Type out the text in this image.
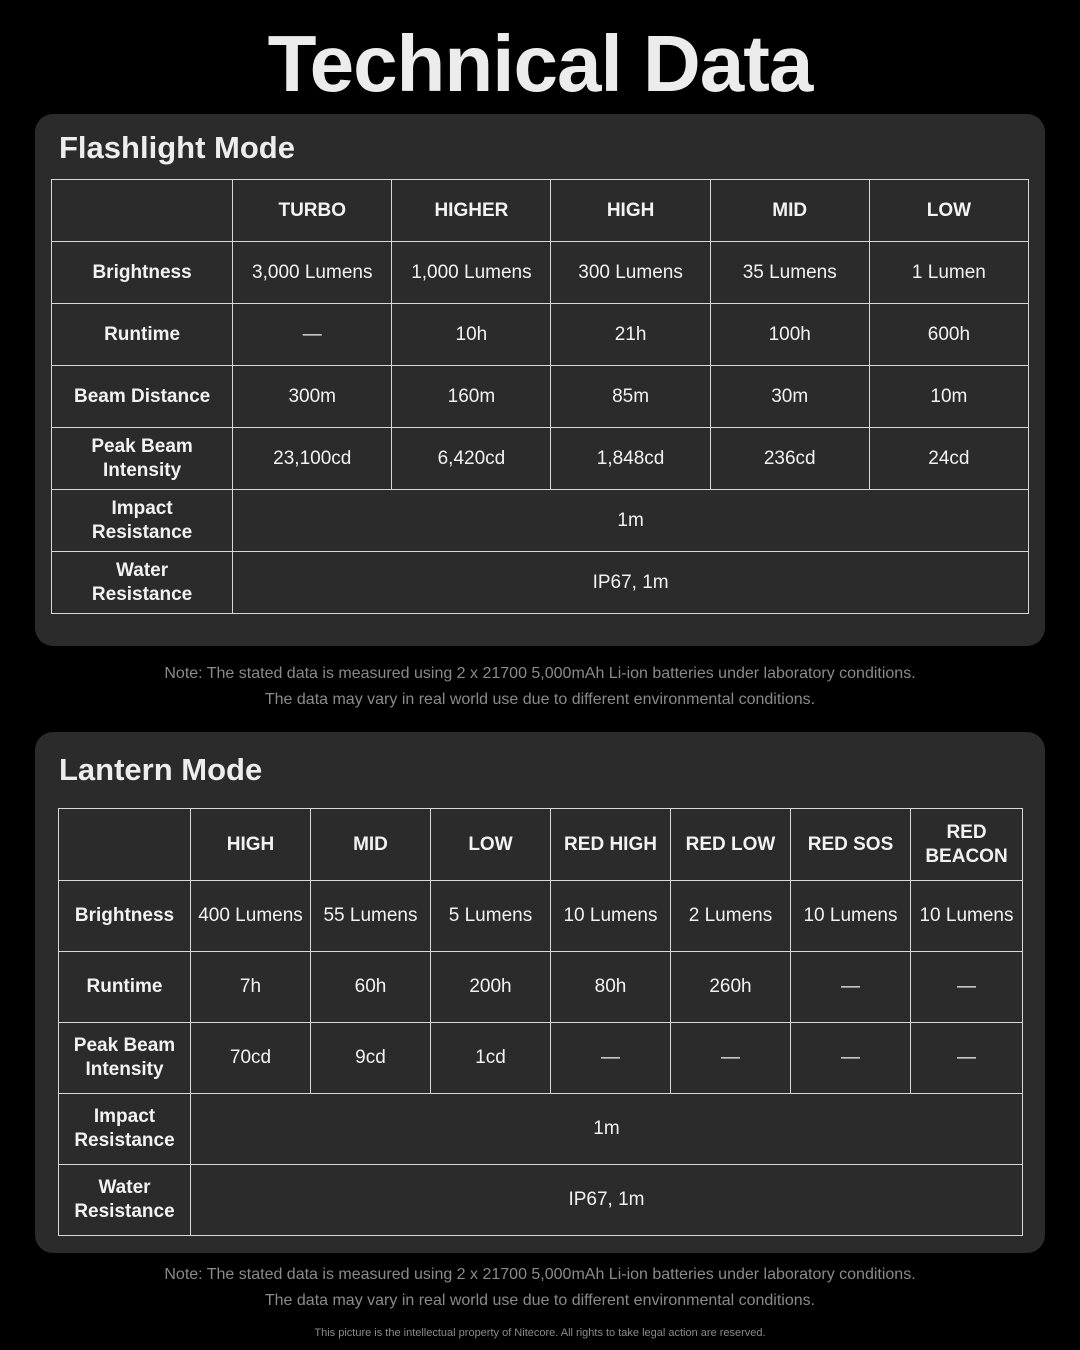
Technical Data
Flashlight Mode
	TURBO	HIGHER	HIGH	MID	LOW
Brightness	3,000 Lumens	1,000 Lumens	300 Lumens	35 Lumens	1 Lumen
Runtime	—	10h	21h	100h	600h
Beam Distance	300m	160m	85m	30m	10m
Peak Beam Intensity	23,100cd	6,420cd	1,848cd	236cd	24cd
Impact Resistance	1m				
Water Resistance	IP67, 1m				
Note: The stated data is measured using 2 x 21700 5,000mAh Li-ion batteries under laboratory conditions.
The data may vary in real world use due to different environmental conditions.
Lantern Mode
	HIGH	MID	LOW	RED HIGH	RED LOW	RED SOS	RED BEACON
Brightness	400 Lumens	55 Lumens	5 Lumens	10 Lumens	2 Lumens	10 Lumens	10 Lumens
Runtime	7h	60h	200h	80h	260h	—	—
Peak Beam Intensity	70cd	9cd	1cd	—	—	—	—
Impact Resistance	1m						
Water Resistance	IP67, 1m						
Note: The stated data is measured using 2 x 21700 5,000mAh Li-ion batteries under laboratory conditions.
The data may vary in real world use due to different environmental conditions.
This picture is the intellectual property of Nitecore. All rights to take legal action are reserved.
